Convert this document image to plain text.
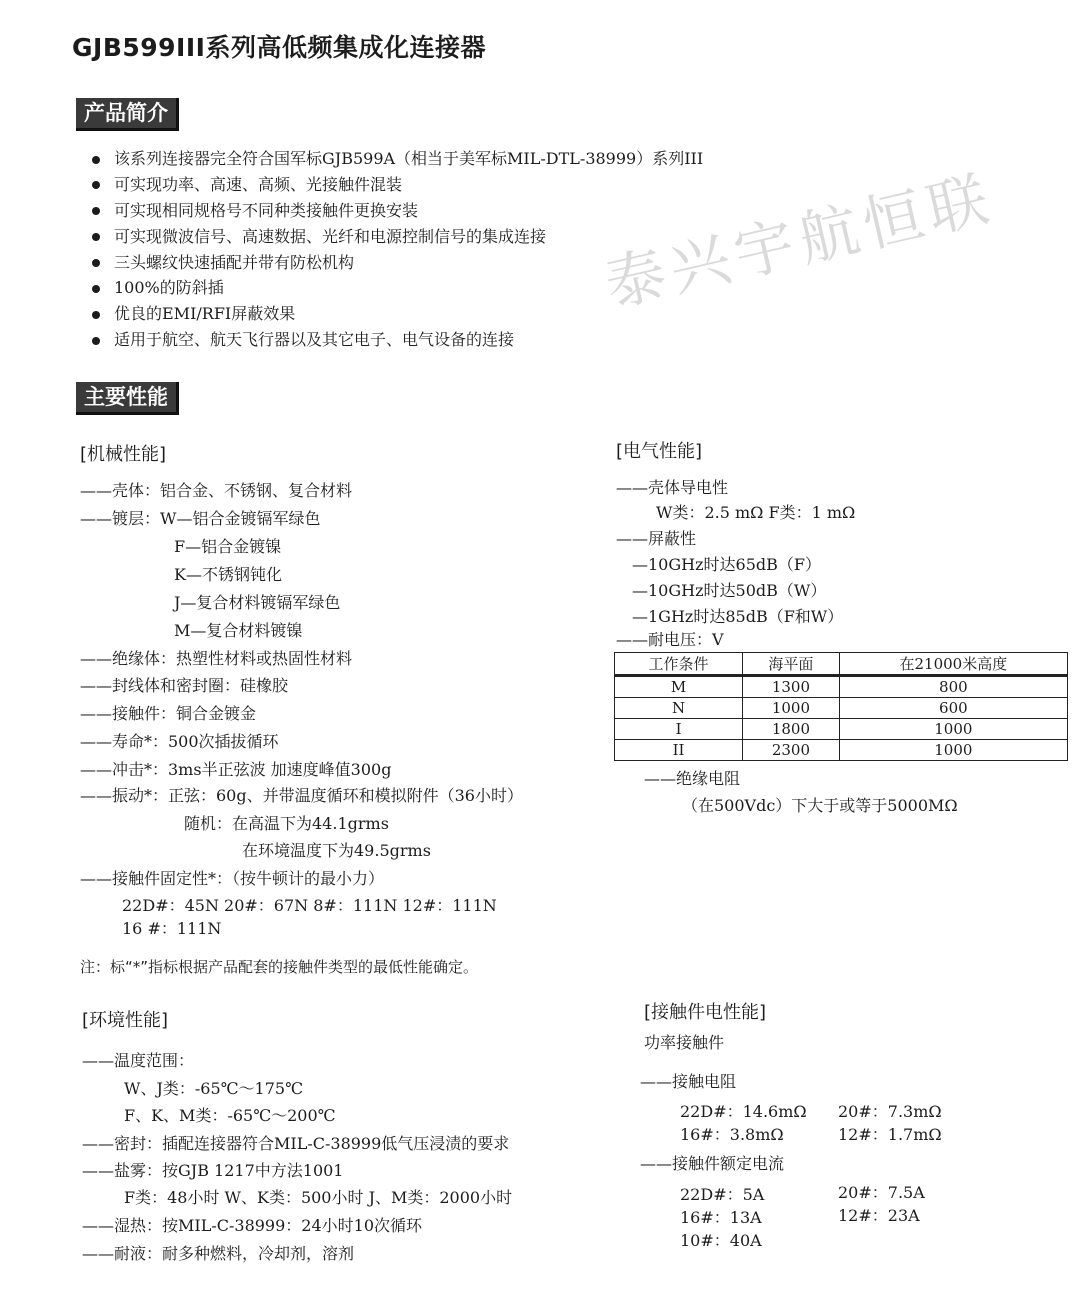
GJB599III系列高低频集成化连接器
产品简介
该系列连接器完全符合国军标GJB599A（相当于美军标MIL-DTL-38999）系列III
可实现功率、高速、高频、光接触件混装
可实现相同规格号不同种类接触件更换安装
可实现微波信号、高速数据、光纤和电源控制信号的集成连接
三头螺纹快速插配并带有防松机构
100%的防斜插
优良的EMI/RFI屏蔽效果
适用于航空、航天飞行器以及其它电子、电气设备的连接
泰兴宇航恒联
主要性能
[机械性能]
——壳体：铝合金、不锈钢、复合材料
——镀层：W—铝合金镀镉军绿色
F—铝合金镀镍
K—不锈钢钝化
J—复合材料镀镉军绿色
M—复合材料镀镍
——绝缘体：热塑性材料或热固性材料
——封线体和密封圈：硅橡胶
——接触件：铜合金镀金
——寿命*：500次插拔循环
——冲击*：3ms半正弦波 加速度峰值300g
——振动*：正弦：60g、并带温度循环和模拟附件（36小时）
随机：在高温下为44.1grms
在环境温度下为49.5grms
——接触件固定性*：（按牛顿计的最小力）
22D#：45N 20#：67N 8#：111N 12#：111N
16 #：111N
注：标“*”指标根据产品配套的接触件类型的最低性能确定。
[电气性能]
——壳体导电性
W类：2.5 mΩ F类：1 mΩ
——屏蔽性
—10GHz时达65dB（F）
—10GHz时达50dB（W）
—1GHz时达85dB（F和W）
——耐电压：V
工作条件	海平面	在21000米高度
M	1300	800
N	1000	600
I	1800	1000
II	2300	1000
——绝缘电阻
（在500Vdc）下大于或等于5000MΩ
[环境性能]
——温度范围：
W、J类：-65℃～175℃
F、K、M类：-65℃～200℃
——密封：插配连接器符合MIL-C-38999低气压浸渍的要求
——盐雾：按GJB 1217中方法1001
F类：48小时 W、K类：500小时 J、M类：2000小时
——湿热：按MIL-C-38999：24小时10次循环
——耐液：耐多种燃料，冷却剂，溶剂
[接触件电性能]
功率接触件
——接触电阻
22D#：14.6mΩ 20#：7.3mΩ
16#：3.8mΩ	12#：1.7mΩ
——接触件额定电流
22D#：5A	20#：7.5A
16#：13A	12#：23A
10#：40A
